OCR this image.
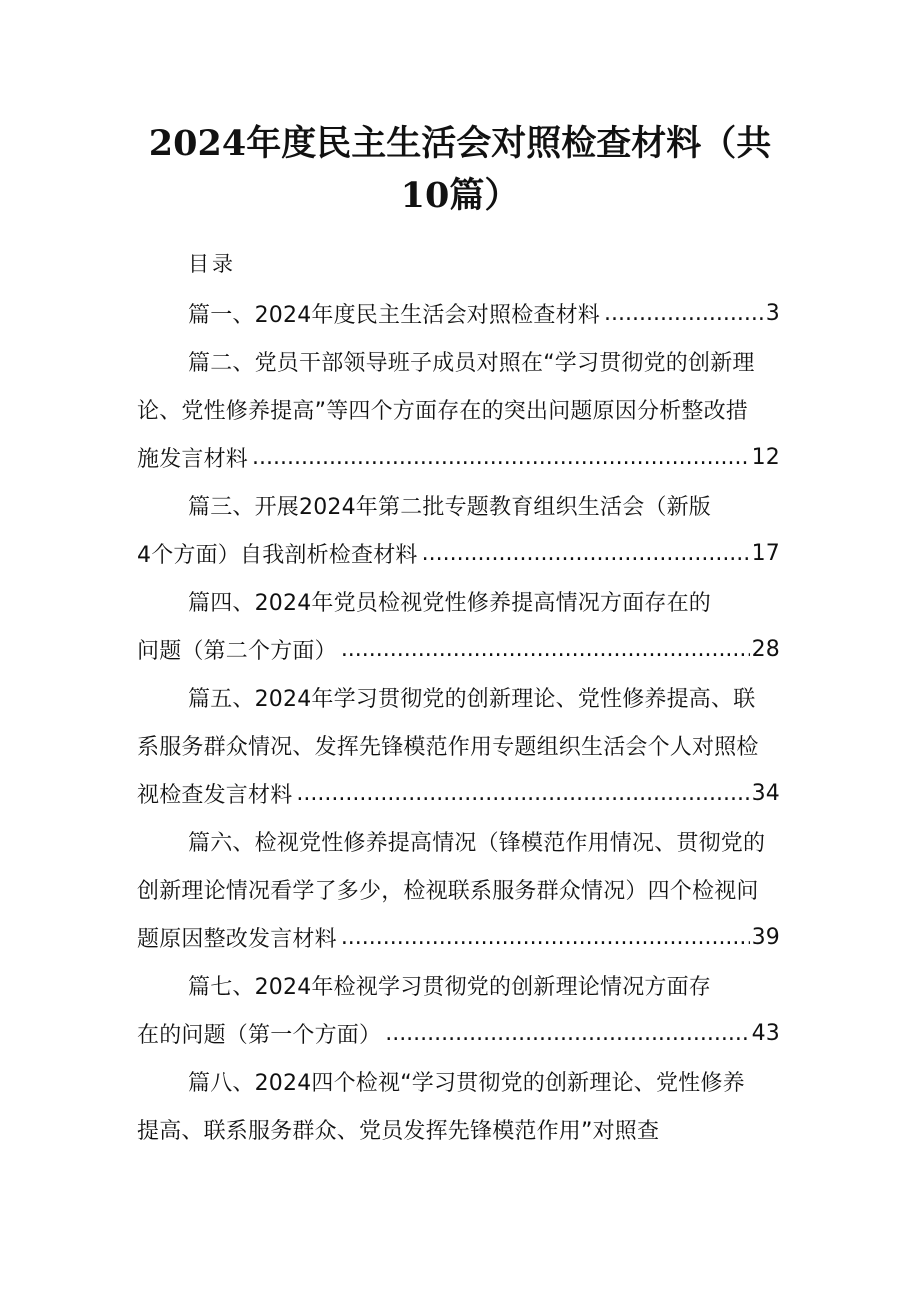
2024年度民主生活会对照检查材料（共10篇）
目录
篇一、2024年度民主生活会对照检查材料 .....	3
篇二、党员干部领导班子成员对照在“学习贯彻党的创新理
论、党性修养提高”等四个方面存在的突出问题原因分析整改措
施发言材料 .....	12
篇三、开展2024年第二批专题教育组织生活会（新版
4个方面）自我剖析检查材料 .....	17
篇四、2024年党员检视党性修养提高情况方面存在的
问题（第二个方面） .....	28
篇五、2024年学习贯彻党的创新理论、党性修养提高、联
系服务群众情况、发挥先锋模范作用专题组织生活会个人对照检
视检查发言材料 .....	34
篇六、检视党性修养提高情况（锋模范作用情况、贯彻党的
创新理论情况看学了多少，检视联系服务群众情况）四个检视问
题原因整改发言材料 .....	39
篇七、2024年检视学习贯彻党的创新理论情况方面存
在的问题（第一个方面） .....	43
篇八、2024四个检视“学习贯彻党的创新理论、党性修养
提高、联系服务群众、党员发挥先锋模范作用”对照查
